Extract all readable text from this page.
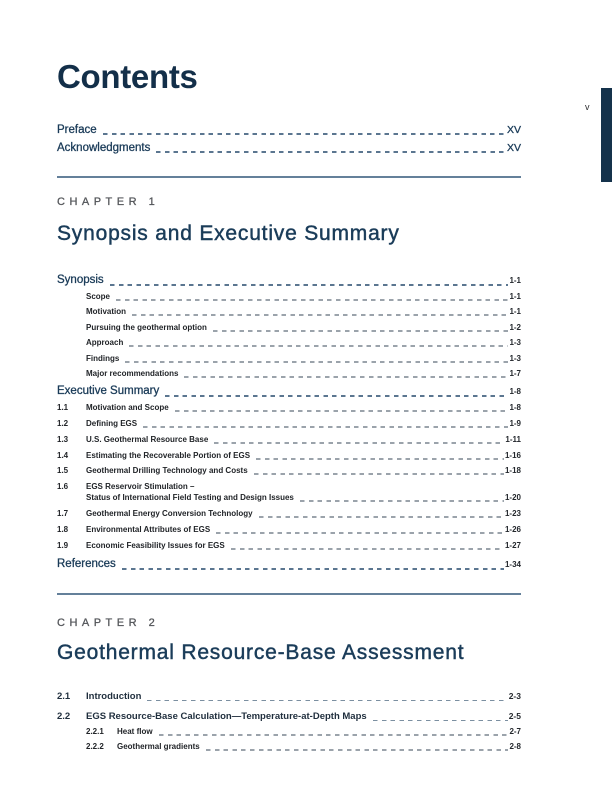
Contents
Preface	XV
Acknowledgments	XV
CHAPTER 1
Synopsis and Executive Summary
Synopsis	1-1
Scope	1-1
Motivation	1-1
Pursuing the geothermal option	1-2
Approach	1-3
Findings	1-3
Major recommendations	1-7
Executive Summary	1-8
1.1	Motivation and Scope	1-8
1.2	Defining EGS	1-9
1.3	U.S. Geothermal Resource Base	1-11
1.4	Estimating the Recoverable Portion of EGS	1-16
1.5	Geothermal Drilling Technology and Costs	1-18
1.6	EGS Reservoir Stimulation –
Status of International Field Testing and Design Issues	1-20
1.7	Geothermal Energy Conversion Technology	1-23
1.8	Environmental Attributes of EGS	1-26
1.9	Economic Feasibility Issues for EGS	1-27
References	1-34
CHAPTER 2
Geothermal Resource-Base Assessment
2.1	Introduction	2-3
2.2	EGS Resource-Base Calculation—Temperature-at-Depth Maps	2-5
2.2.1	Heat flow	2-7
2.2.2	Geothermal gradients	2-8
v
